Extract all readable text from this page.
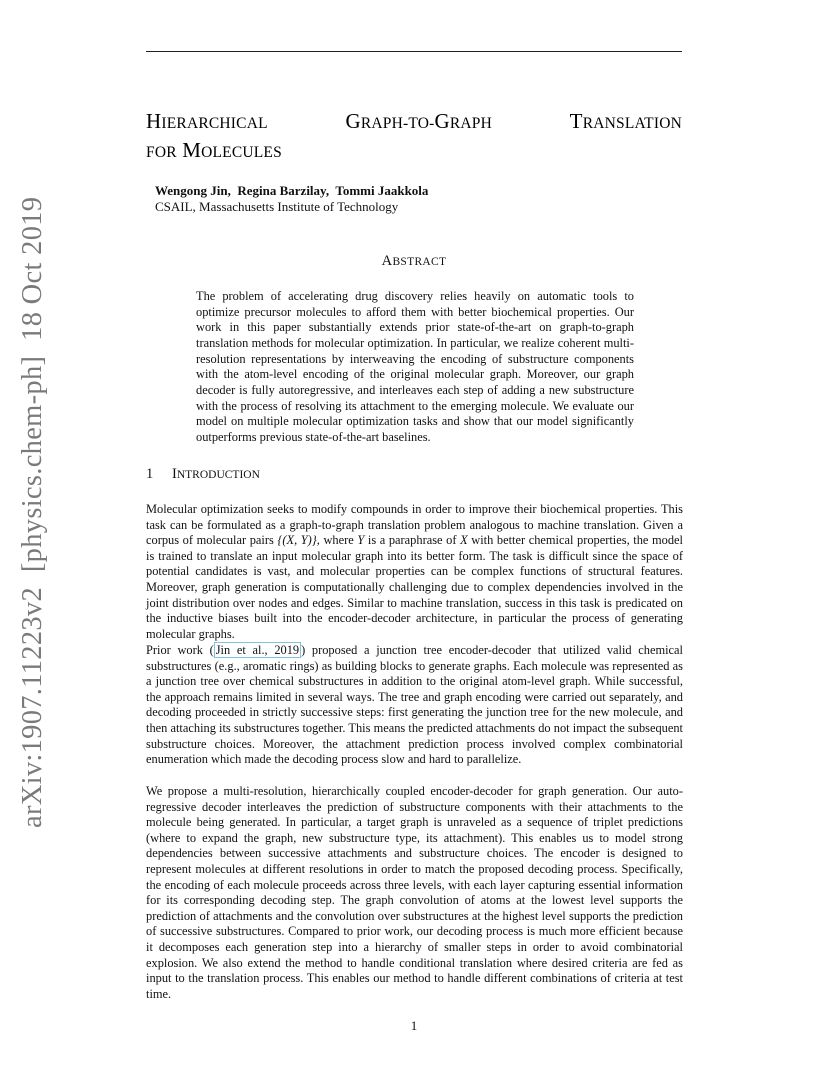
arXiv:1907.11223v2  [physics.chem-ph]  18 Oct 2019
HIERARCHICAL	GRAPH-TO-GRAPH	TRANSLATION
FOR MOLECULES
Wengong Jin,  Regina Barzilay,  Tommi Jaakkola
CSAIL, Massachusetts Institute of Technology
ABSTRACT
The problem of accelerating drug discovery relies heavily on automatic tools to optimize precursor molecules to afford them with better biochemical properties. Our work in this paper substantially extends prior state-of-the-art on graph-to-graph translation methods for molecular optimization. In particular, we realize coherent multi-resolution representations by interweaving the encoding of substructure components with the atom-level encoding of the original molecular graph. Moreover, our graph decoder is fully autoregressive, and interleaves each step of adding a new substructure with the process of resolving its attachment to the emerging molecule. We evaluate our model on multiple molecular optimization tasks and show that our model significantly outperforms previous state-of-the-art baselines.
1 INTRODUCTION
Molecular optimization seeks to modify compounds in order to improve their biochemical properties. This task can be formulated as a graph-to-graph translation problem analogous to machine translation. Given a corpus of molecular pairs {(X, Y)}, where Y is a paraphrase of X with better chemical properties, the model is trained to translate an input molecular graph into its better form. The task is difficult since the space of potential candidates is vast, and molecular properties can be complex functions of structural features. Moreover, graph generation is computationally challenging due to complex dependencies involved in the joint distribution over nodes and edges. Similar to machine translation, success in this task is predicated on the inductive biases built into the encoder-decoder architecture, in particular the process of generating molecular graphs.
Prior work ( Jin et al., 2019 ) proposed a junction tree encoder-decoder that utilized valid chemical substructures (e.g., aromatic rings) as building blocks to generate graphs. Each molecule was represented as a junction tree over chemical substructures in addition to the original atom-level graph. While successful, the approach remains limited in several ways. The tree and graph encoding were carried out separately, and decoding proceeded in strictly successive steps: first generating the junction tree for the new molecule, and then attaching its substructures together. This means the predicted attachments do not impact the subsequent substructure choices. Moreover, the attachment prediction process involved complex combinatorial enumeration which made the decoding process slow and hard to parallelize.
We propose a multi-resolution, hierarchically coupled encoder-decoder for graph generation. Our auto-regressive decoder interleaves the prediction of substructure components with their attachments to the molecule being generated. In particular, a target graph is unraveled as a sequence of triplet predictions (where to expand the graph, new substructure type, its attachment). This enables us to model strong dependencies between successive attachments and substructure choices. The encoder is designed to represent molecules at different resolutions in order to match the proposed decoding process. Specifically, the encoding of each molecule proceeds across three levels, with each layer capturing essential information for its corresponding decoding step. The graph convolution of atoms at the lowest level supports the prediction of attachments and the convolution over substructures at the highest level supports the prediction of successive substructures. Compared to prior work, our decoding process is much more efficient because it decomposes each generation step into a hierarchy of smaller steps in order to avoid combinatorial explosion. We also extend the method to handle conditional translation where desired criteria are fed as input to the translation process. This enables our method to handle different combinations of criteria at test time.
1
